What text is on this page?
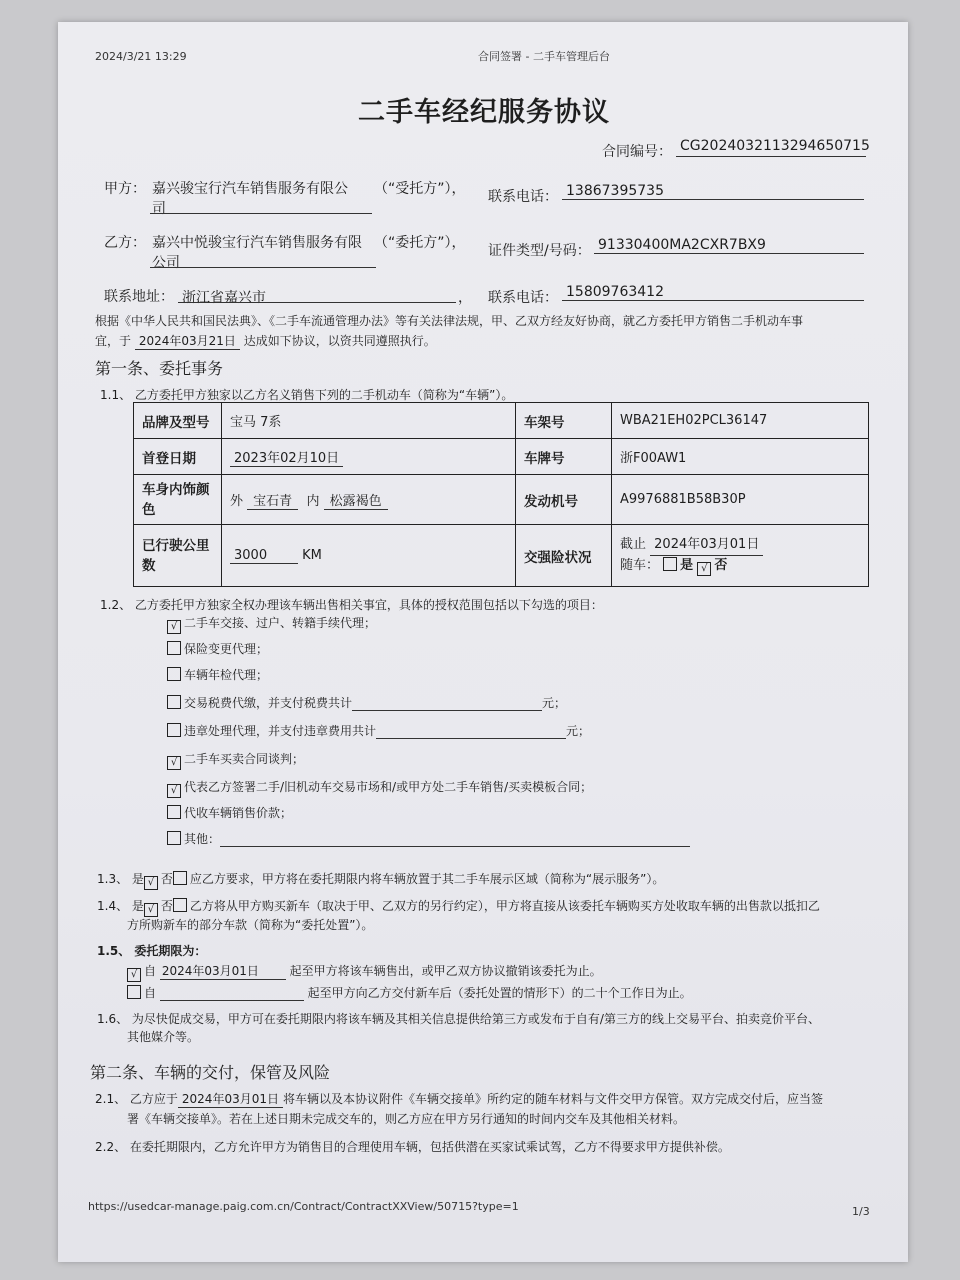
2024/3/21 13:29	合同签署 - 二手车管理后台
二手车经纪服务协议
合同编号： CG2024032113294650715
甲方： 嘉兴骏宝行汽车销售服务有限公
司
（“受托方”）， 联系电话： 13867395735
乙方： 嘉兴中悦骏宝行汽车销售服务有限
公司
（“委托方”）， 证件类型/号码： 91330400MA2CXR7BX9
联系地址： 浙江省嘉兴市	， 联系电话： 15809763412
根据《中华人民共和国民法典》、《二手车流通管理办法》等有关法律法规，甲、乙双方经友好协商，就乙方委托甲方销售二手机动车事
宜，于 2024年03月21日 达成如下协议，以资共同遵照执行。
第一条、委托事务
1.1、 乙方委托甲方独家以乙方名义销售下列的二手机动车（简称为“车辆”）。
品牌及型号	宝马 7系	车架号	WBA21EH02PCL36147
首登日期	2023年02月10日	车牌号	浙F00AW1
车身内饰颜
色	外 宝石青 内 松露褐色	发动机号	A9976881B58B30P
已行驶公里
数	3000 KM	交强险状况	截止 2024年03月01日
随车： 是 √ 否
1.2、 乙方委托甲方独家全权办理该车辆出售相关事宜，具体的授权范围包括以下勾选的项目：
√ 二手车交接、过户、转籍手续代理；
保险变更代理；
车辆年检代理；
交易税费代缴，并支付税费共计	元；
违章处理代理，并支付违章费用共计	元；
√ 二手车买卖合同谈判；
√ 代表乙方签署二手/旧机动车交易市场和/或甲方处二手车销售/买卖模板合同；
代收车辆销售价款；
其他：
1.3、 是 √ 否 应乙方要求，甲方将在委托期限内将车辆放置于其二手车展示区域（简称为“展示服务”）。
1.4、 是 √ 否 乙方将从甲方购买新车（取决于甲、乙双方的另行约定），甲方将直接从该委托车辆购买方处收取车辆的出售款以抵扣乙
方所购新车的部分车款（简称为“委托处置”）。
1.5、 委托期限为：
√ 自 2024年03月01日	起至甲方将该车辆售出，或甲乙双方协议撤销该委托为止。
自	起至甲方向乙方交付新车后（委托处置的情形下）的二十个工作日为止。
1.6、 为尽快促成交易，甲方可在委托期限内将该车辆及其相关信息提供给第三方或发布于自有/第三方的线上交易平台、拍卖竞价平台、
其他媒介等。
第二条、车辆的交付，保管及风险
2.1、 乙方应于 2024年03月01日 将车辆以及本协议附件《车辆交接单》所约定的随车材料与文件交甲方保管。双方完成交付后，应当签
署《车辆交接单》。若在上述日期未完成交车的，则乙方应在甲方另行通知的时间内交车及其他相关材料。
2.2、 在委托期限内，乙方允许甲方为销售目的合理使用车辆，包括供潜在买家试乘试驾，乙方不得要求甲方提供补偿。
https://usedcar-manage.paig.com.cn/Contract/ContractXXView/50715?type=1	1/3
